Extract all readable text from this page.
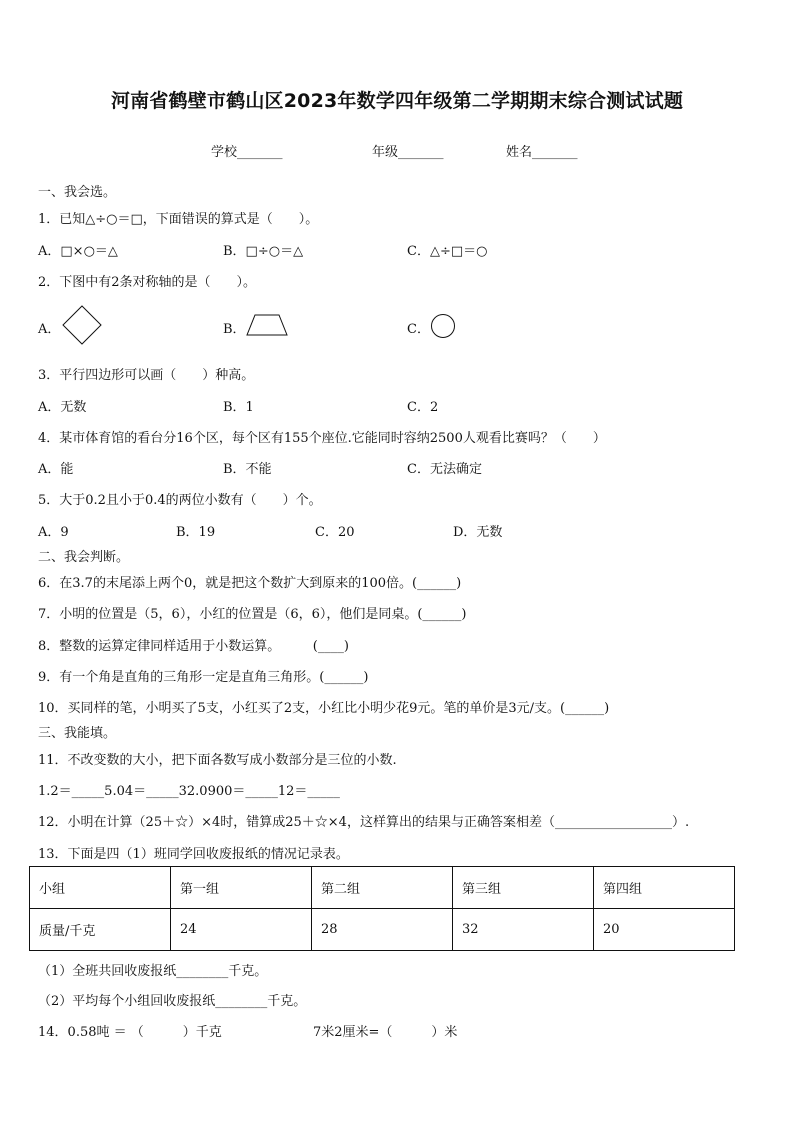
河南省鹤壁市鹤山区2023年数学四年级第二学期期末综合测试试题
学校_______	年级_______	姓名_______
一、我会选。
1．已知△÷○＝□，下面错误的算式是（　　）。
A．□×○＝△	B．□÷○＝△	C．△÷□＝○
2．下图中有2条对称轴的是（　　）。
A．	B．	C．
3．平行四边形可以画（　　）种高。
A．无数	B．1	C．2
4．某市体育馆的看台分16个区，每个区有155个座位.它能同时容纳2500人观看比赛吗？（　　）
A．能	B．不能	C．无法确定
5．大于0.2且小于0.4的两位小数有（　　）个。
A．9	B．19	C．20	D．无数
二、我会判断。
6．在3.7的末尾添上两个0，就是把这个数扩大到原来的100倍。(______)
7．小明的位置是（5，6），小红的位置是（6，6），他们是同桌。(______)
8．整数的运算定律同样适用于小数运算。　　　(____)
9．有一个角是直角的三角形一定是直角三角形。(______)
10．买同样的笔，小明买了5支，小红买了2支，小红比小明少花9元。笔的单价是3元/支。(______)
三、我能填。
11．不改变数的大小，把下面各数写成小数部分是三位的小数.
1.2＝_____5.04＝_____32.0900＝_____12＝_____
12．小明在计算（25＋☆）×4时，错算成25＋☆×4，这样算出的结果与正确答案相差（__________________）.
13．下面是四（1）班同学回收废报纸的情况记录表。
小组	第一组	第二组	第三组	第四组
质量/千克	24	28	32	20
（1）全班共回收废报纸________千克。
（2）平均每个小组回收废报纸________千克。
14．0.58吨 ＝ （　　　）千克	7米2厘米=（　　　）米
